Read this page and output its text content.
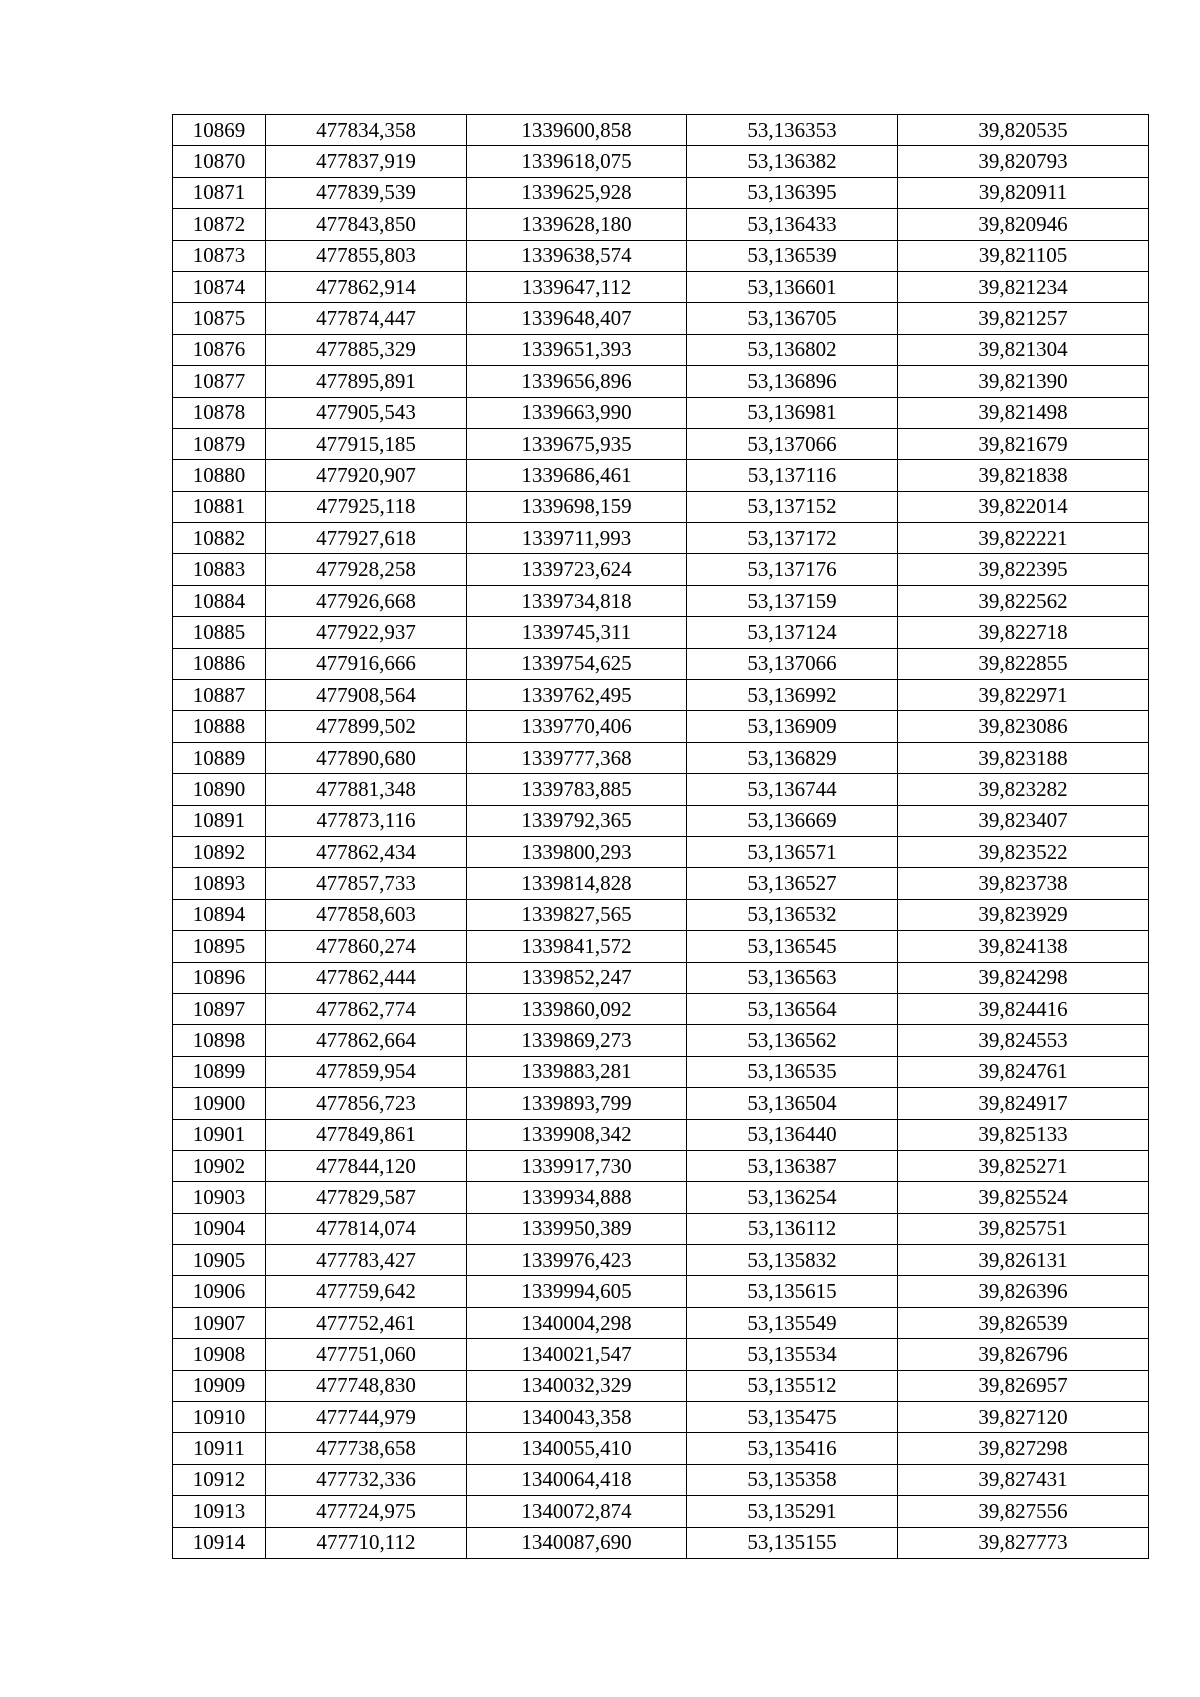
10869	477834,358	1339600,858	53,136353	39,820535
10870	477837,919	1339618,075	53,136382	39,820793
10871	477839,539	1339625,928	53,136395	39,820911
10872	477843,850	1339628,180	53,136433	39,820946
10873	477855,803	1339638,574	53,136539	39,821105
10874	477862,914	1339647,112	53,136601	39,821234
10875	477874,447	1339648,407	53,136705	39,821257
10876	477885,329	1339651,393	53,136802	39,821304
10877	477895,891	1339656,896	53,136896	39,821390
10878	477905,543	1339663,990	53,136981	39,821498
10879	477915,185	1339675,935	53,137066	39,821679
10880	477920,907	1339686,461	53,137116	39,821838
10881	477925,118	1339698,159	53,137152	39,822014
10882	477927,618	1339711,993	53,137172	39,822221
10883	477928,258	1339723,624	53,137176	39,822395
10884	477926,668	1339734,818	53,137159	39,822562
10885	477922,937	1339745,311	53,137124	39,822718
10886	477916,666	1339754,625	53,137066	39,822855
10887	477908,564	1339762,495	53,136992	39,822971
10888	477899,502	1339770,406	53,136909	39,823086
10889	477890,680	1339777,368	53,136829	39,823188
10890	477881,348	1339783,885	53,136744	39,823282
10891	477873,116	1339792,365	53,136669	39,823407
10892	477862,434	1339800,293	53,136571	39,823522
10893	477857,733	1339814,828	53,136527	39,823738
10894	477858,603	1339827,565	53,136532	39,823929
10895	477860,274	1339841,572	53,136545	39,824138
10896	477862,444	1339852,247	53,136563	39,824298
10897	477862,774	1339860,092	53,136564	39,824416
10898	477862,664	1339869,273	53,136562	39,824553
10899	477859,954	1339883,281	53,136535	39,824761
10900	477856,723	1339893,799	53,136504	39,824917
10901	477849,861	1339908,342	53,136440	39,825133
10902	477844,120	1339917,730	53,136387	39,825271
10903	477829,587	1339934,888	53,136254	39,825524
10904	477814,074	1339950,389	53,136112	39,825751
10905	477783,427	1339976,423	53,135832	39,826131
10906	477759,642	1339994,605	53,135615	39,826396
10907	477752,461	1340004,298	53,135549	39,826539
10908	477751,060	1340021,547	53,135534	39,826796
10909	477748,830	1340032,329	53,135512	39,826957
10910	477744,979	1340043,358	53,135475	39,827120
10911	477738,658	1340055,410	53,135416	39,827298
10912	477732,336	1340064,418	53,135358	39,827431
10913	477724,975	1340072,874	53,135291	39,827556
10914	477710,112	1340087,690	53,135155	39,827773
